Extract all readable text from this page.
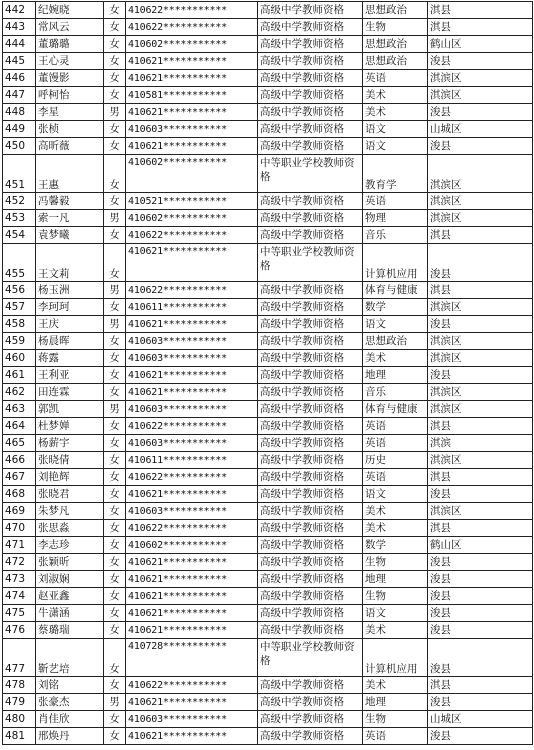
442	纪婉晓	女	410622***********	高级中学教师资格	思想政治	淇县
443	常风云	女	410622***********	高级中学教师资格	生物	淇县
444	董璐璐	女	410602***********	高级中学教师资格	思想政治	鹤山区
445	王心灵	女	410621***********	高级中学教师资格	思想政治	浚县
446	董馒影	女	410621***********	高级中学教师资格	英语	淇滨区
447	呼柯怡	女	410581***********	高级中学教师资格	美术	淇滨区
448	李星	男	410621***********	高级中学教师资格	美术	浚县
449	张桢	女	410603***********	高级中学教师资格	语文	山城区
450	高昕薇	女	410621***********	高级中学教师资格	语文	浚县
451	王惠	女	410602***********	中等职业学校教师资格	教育学	淇滨区
452	冯馨毅	女	410521***********	高级中学教师资格	英语	淇滨区
453	索一凡	男	410602***********	高级中学教师资格	物理	淇滨区
454	袁梦曦	女	410622***********	高级中学教师资格	音乐	淇县
455	王文莉	女	410621***********	中等职业学校教师资格	计算机应用	浚县
456	杨玉洲	男	410622***********	高级中学教师资格	体育与健康	淇县
457	李珂珂	女	410611***********	高级中学教师资格	数学	淇滨区
458	王庆	男	410621***********	高级中学教师资格	语文	浚县
459	杨晨晖	女	410603***********	高级中学教师资格	思想政治	淇滨区
460	蒋露	女	410603***********	高级中学教师资格	美术	淇滨区
461	王利亚	女	410621***********	高级中学教师资格	地理	浚县
462	田连霖	女	410621***********	高级中学教师资格	音乐	淇滨区
463	郭凯	男	410603***********	高级中学教师资格	体育与健康	淇滨区
464	杜梦婵	女	410622***********	高级中学教师资格	英语	淇县
465	杨薪宇	女	410603***********	高级中学教师资格	英语	淇滨
466	张晓倩	女	410611***********	高级中学教师资格	历史	淇滨区
467	刘艳辉	女	410622***********	高级中学教师资格	英语	淇县
468	张晓君	女	410621***********	高级中学教师资格	语文	浚县
469	朱梦凡	女	410603***********	高级中学教师资格	美术	淇滨区
470	张思淼	女	410622***********	高级中学教师资格	美术	淇县
471	李志珍	女	410602***********	高级中学教师资格	数学	鹤山区
472	张颖昕	女	410621***********	高级中学教师资格	生物	浚县
473	刘淑娴	女	410621***********	高级中学教师资格	地理	浚县
474	赵亚鑫	女	410621***********	高级中学教师资格	生物	浚县
475	牛潇涵	女	410621***********	高级中学教师资格	语文	浚县
476	蔡璐瑞	女	410621***********	高级中学教师资格	美术	浚县
477	靳艺培	女	410728***********	中等职业学校教师资格	计算机应用	浚县
478	刘铭	女	410622***********	高级中学教师资格	美术	淇县
479	张豪杰	男	410621***********	高级中学教师资格	地理	浚县
480	肖佳欣	女	410603***********	高级中学教师资格	生物	山城区
481	邢焕丹	女	410621***********	高级中学教师资格	英语	浚县
